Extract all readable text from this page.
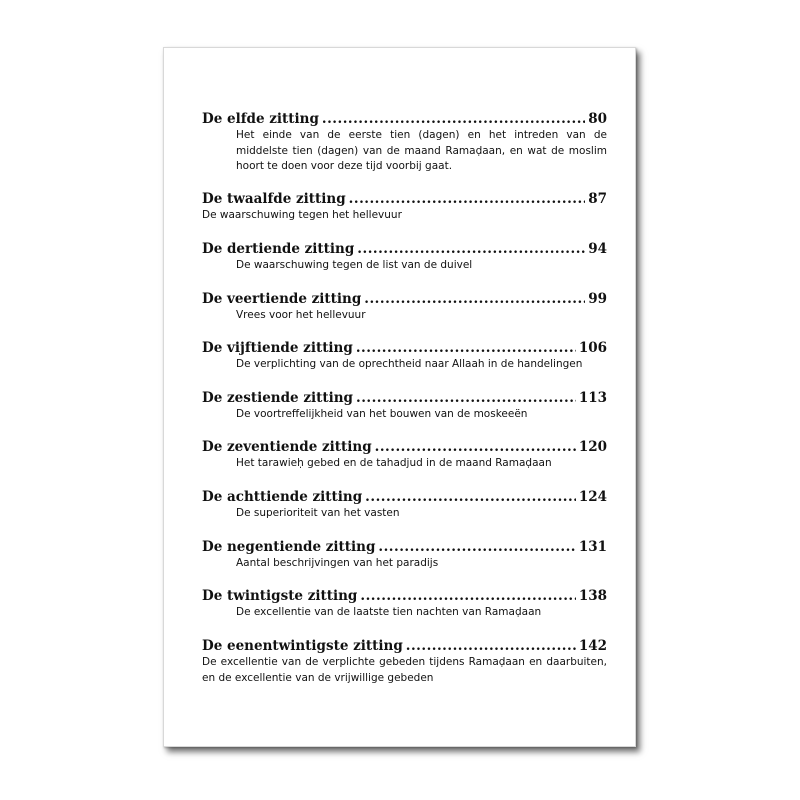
De elfde zitting .....	80
Het einde van de eerste tien (dagen) en het intreden van de middelste tien (dagen) van de maand Ramaḍaan, en wat de moslim hoort te doen voor deze tijd voorbij gaat.
De twaalfde zitting .....	87
De waarschuwing tegen het hellevuur
De dertiende zitting .....	94
De waarschuwing tegen de list van de duivel
De veertiende zitting .....	99
Vrees voor het hellevuur
De vijftiende zitting .....	106
De verplichting van de oprechtheid naar Allaah in de handelingen
De zestiende zitting .....	113
De voortreffelijkheid van het bouwen van de moskeeën
De zeventiende zitting .....	120
Het tarawieḥ gebed en de tahadjud in de maand Ramaḍaan
De achttiende zitting .....	124
De superioriteit van het vasten
De negentiende zitting .....	131
Aantal beschrijvingen van het paradijs
De twintigste zitting .....	138
De excellentie van de laatste tien nachten van Ramaḍaan
De eenentwintigste zitting .....	142
De excellentie van de verplichte gebeden tijdens Ramaḍaan en daarbuiten, en de excellentie van de vrijwillige gebeden
